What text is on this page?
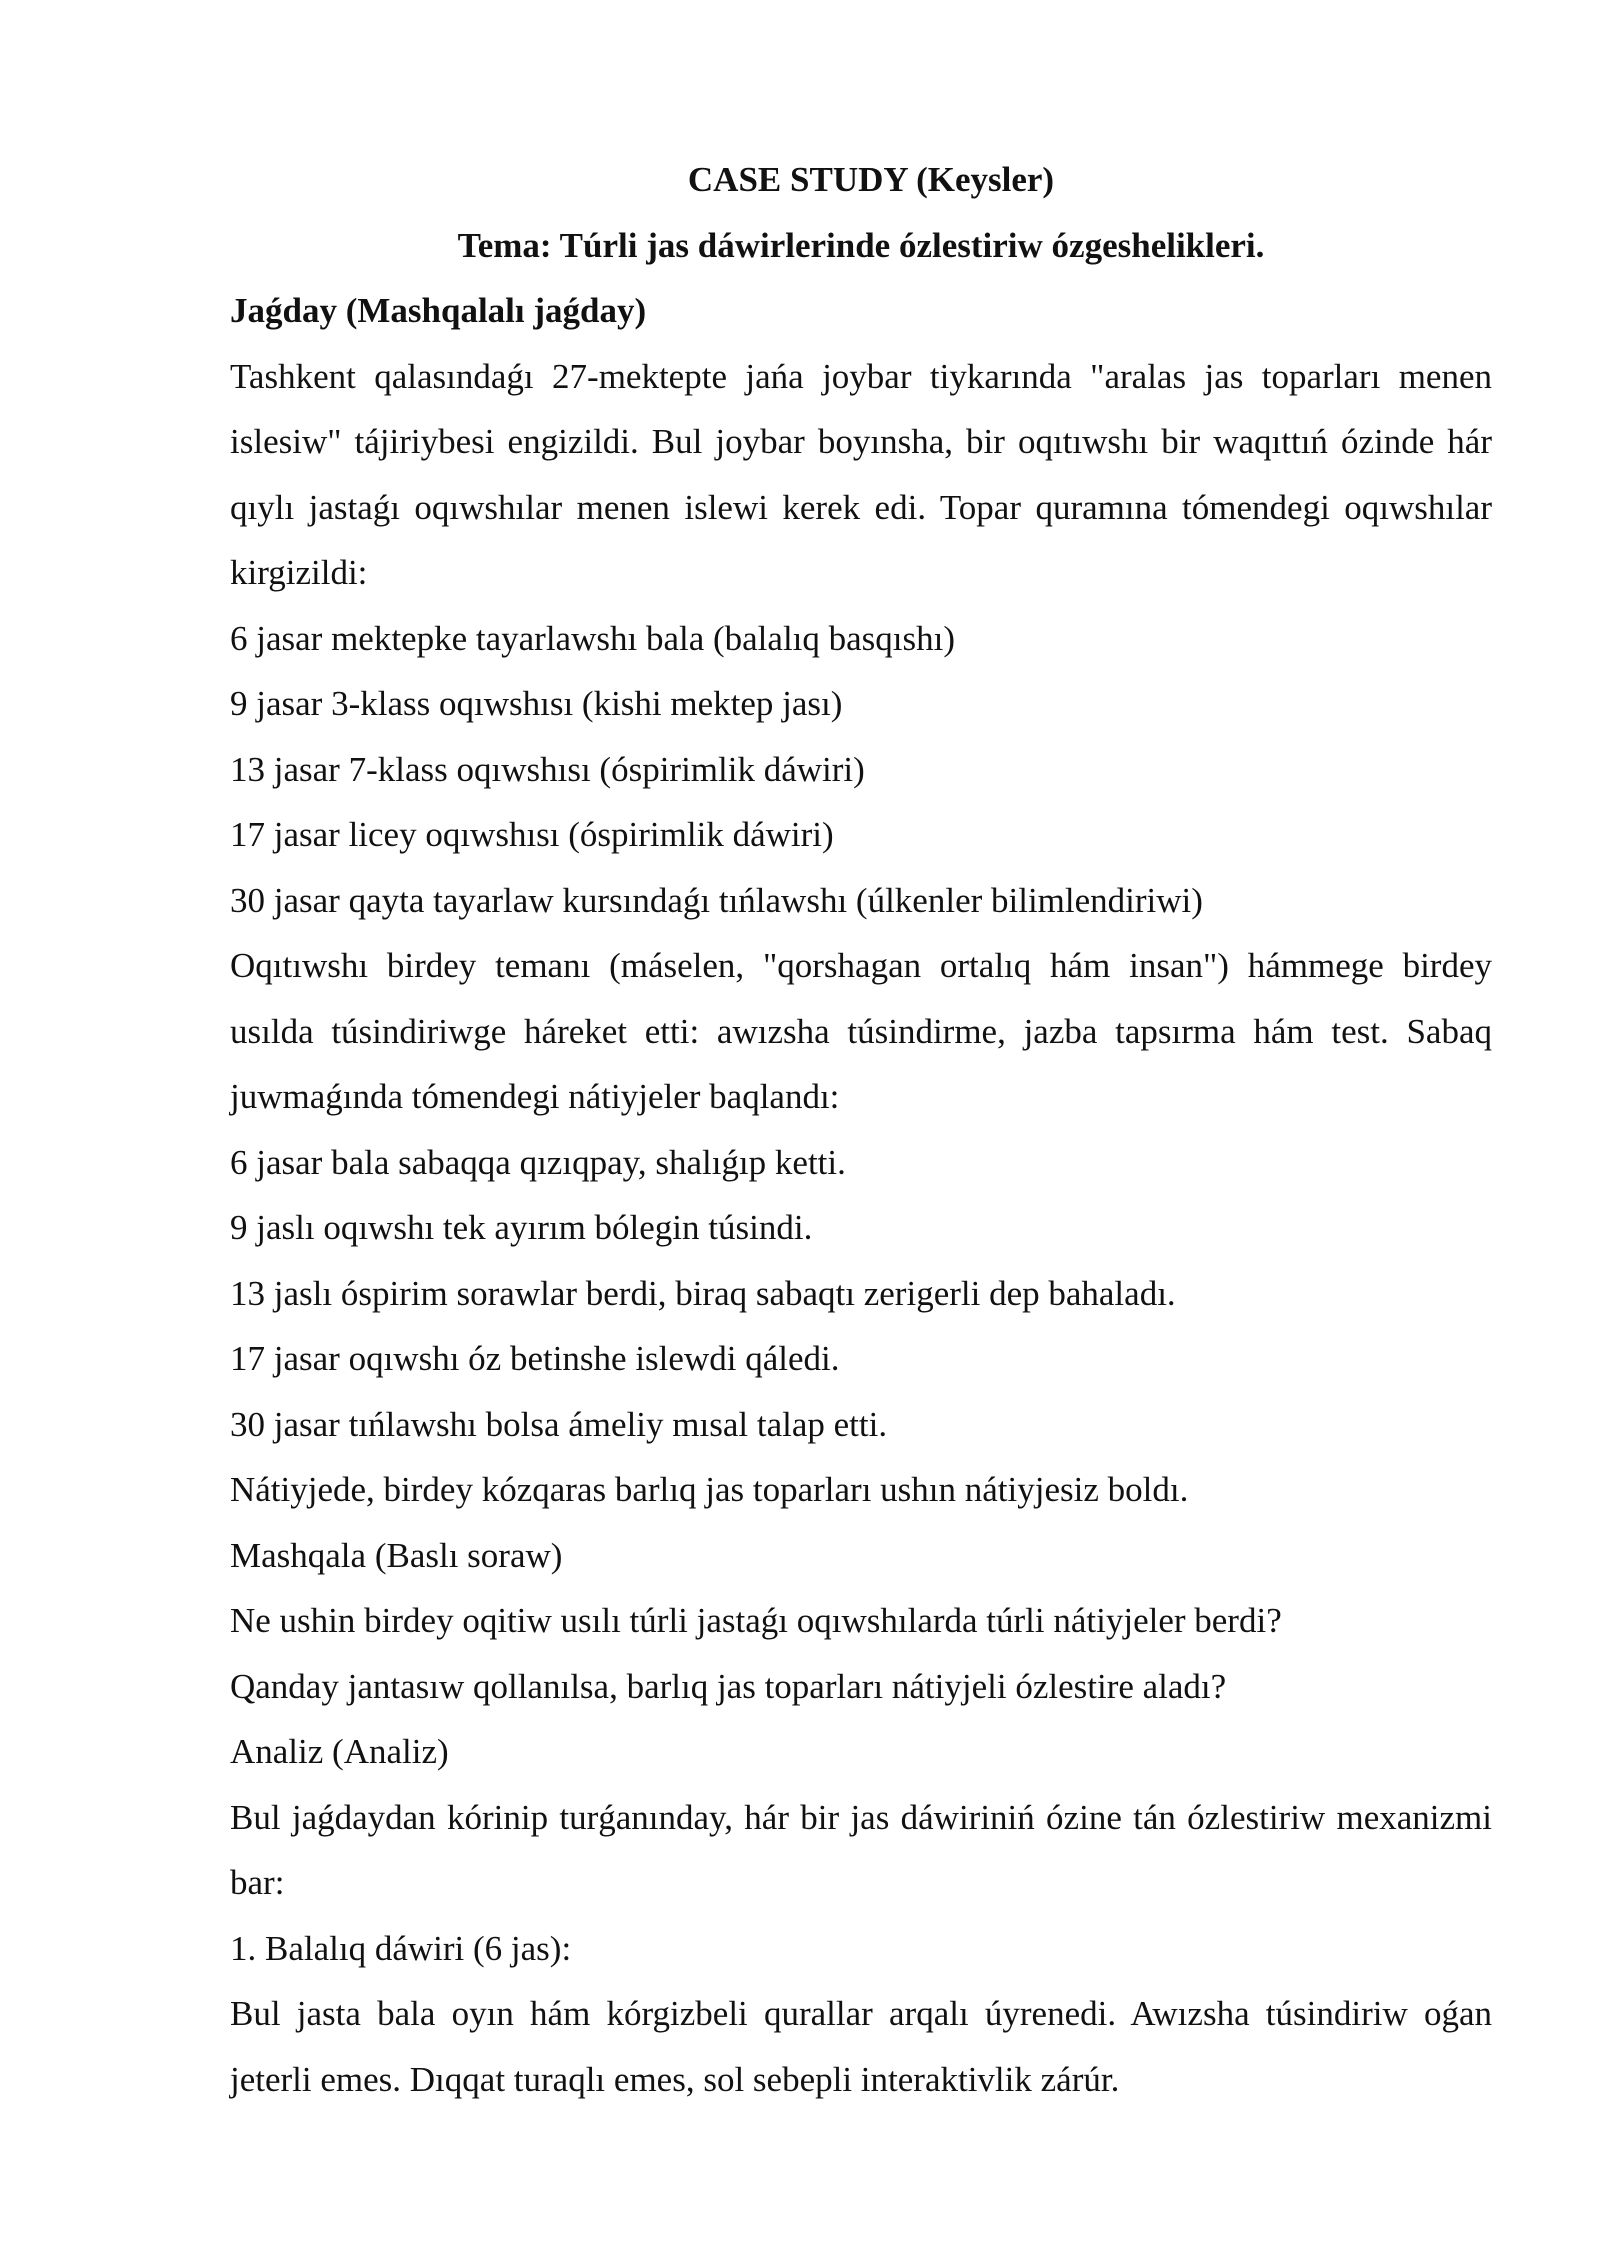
CASE STUDY (Keysler)
Tema: Túrli jas dáwirlerinde ózlestiriw ózgeshelikleri.
Jaǵday (Mashqalalı jaǵday)

Tashkent qalasındaǵı 27-mektepte jańa joybar tiykarında "aralas jas toparları menen islesiw" tájiriybesi engizildi. Bul joybar boyınsha, bir oqıtıwshı bir waqıttıń ózinde hár qıylı jastaǵı oqıwshılar menen islewi kerek edi. Topar quramına tómendegi oqıwshılar kirgizildi:

6 jasar mektepke tayarlawshı bala (balalıq basqıshı)
9 jasar 3-klass oqıwshısı (kishi mektep jası)
13 jasar 7-klass oqıwshısı (óspirimlik dáwiri)
17 jasar licey oqıwshısı (óspirimlik dáwiri)
30 jasar qayta tayarlaw kursındaǵı tıńlawshı (úlkenler bilimlendiriwi)

Oqıtıwshı birdey temanı (máselen, "qorshagan ortalıq hám insan") hámmege birdey usılda túsindiriwge háreket etti: awızsha túsindirme, jazba tapsırma hám test. Sabaq juwmaǵında tómendegi nátiyjeler baqlandı:

6 jasar bala sabaqqa qızıqpay, shalıǵıp ketti.
9 jaslı oqıwshı tek ayırım bólegin túsindi.
13 jaslı óspirim sorawlar berdi, biraq sabaqtı zerigerli dep bahaladı.
17 jasar oqıwshı óz betinshe islewdi qáledi.
30 jasar tıńlawshı bolsa ámeliy mısal talap etti.
Nátiyjede, birdey kózqaras barlıq jas toparları ushın nátiyjesiz boldı.
Mashqala (Baslı soraw)
Ne ushin birdey oqitiw usılı túrli jastaǵı oqıwshılarda túrli nátiyjeler berdi?
Qanday jantasıw qollanılsa, barlıq jas toparları nátiyjeli ózlestire aladı?
Analiz (Analiz)

Bul jaǵdaydan kórinip turǵanınday, hár bir jas dáwiriniń ózine tán ózlestiriw mexanizmi bar:

1. Balalıq dáwiri (6 jas):

Bul jasta bala oyın hám kórgizbeli qurallar arqalı úyrenedi. Awızsha túsindiriw oǵan jeterli emes. Dıqqat turaqlı emes, sol sebepli interaktivlik zárúr.
